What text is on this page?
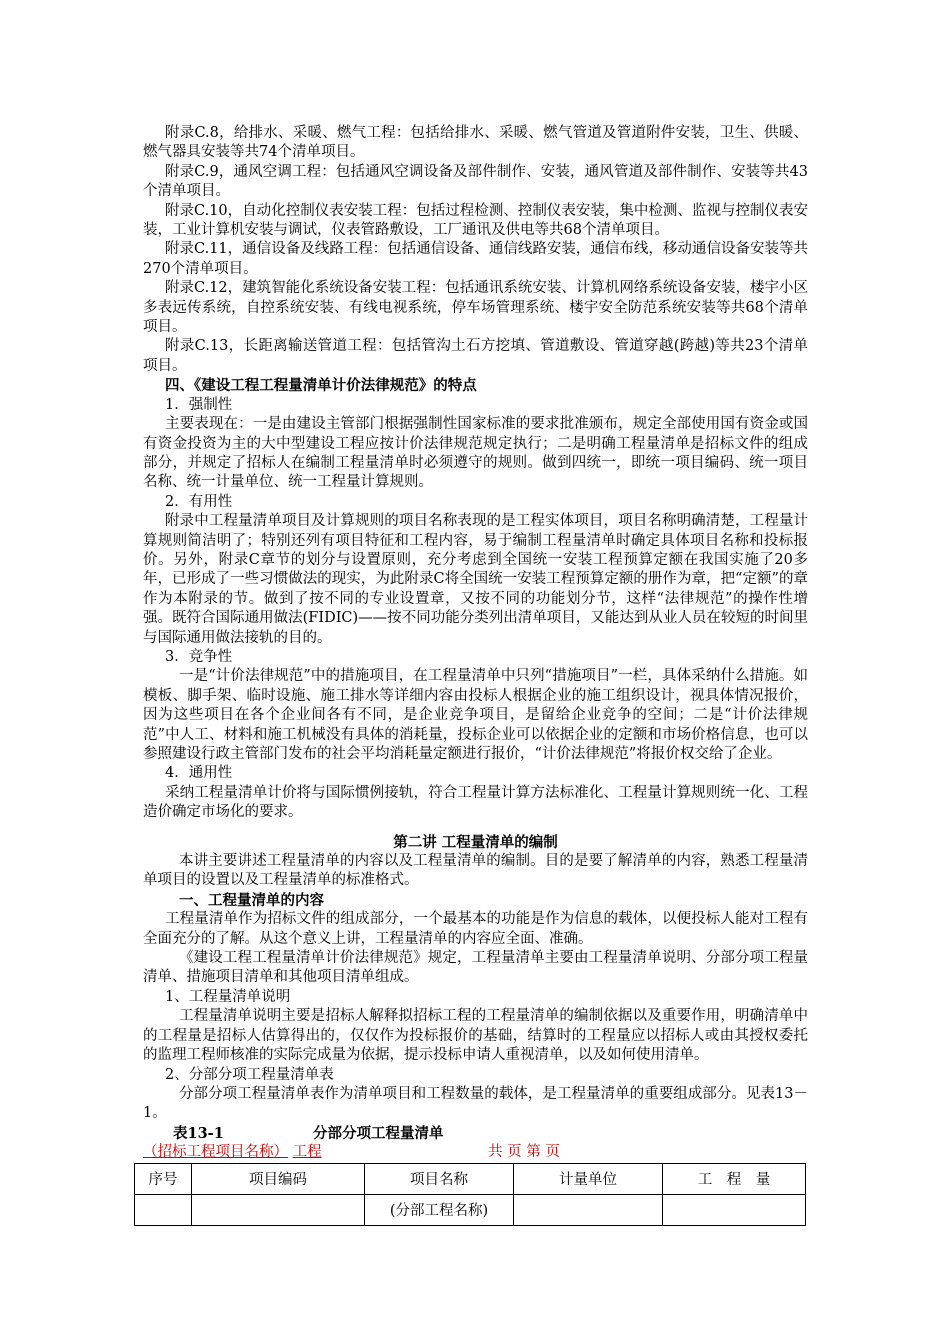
附录C.8，给排水、采暖、燃气工程：包括给排水、采暖、燃气管道及管道附件安装，卫生、供暖、燃气器具安装等共74个清单项目。

附录C.9，通风空调工程：包括通风空调设备及部件制作、安装，通风管道及部件制作、安装等共43个清单项目。

附录C.10，自动化控制仪表安装工程：包括过程检测、控制仪表安装，集中检测、监视与控制仪表安装，工业计算机安装与调试，仪表管路敷设，工厂通讯及供电等共68个清单项目。

附录C.11，通信设备及线路工程：包括通信设备、通信线路安装，通信布线，移动通信设备安装等共270个清单项目。

附录C.12，建筑智能化系统设备安装工程：包括通讯系统安装、计算机网络系统设备安装，楼宇小区多表远传系统，自控系统安装、有线电视系统，停车场管理系统、楼宇安全防范系统安装等共68个清单项目。

附录C.13，长距离输送管道工程：包括管沟土石方挖填、管道敷设、管道穿越(跨越)等共23个清单项目。

四、《建设工程工程量清单计价法律规范》的特点

1．强制性

主要表现在：一是由建设主管部门根据强制性国家标准的要求批准颁布，规定全部使用国有资金或国有资金投资为主的大中型建设工程应按计价法律规范规定执行；二是明确工程量清单是招标文件的组成部分，并规定了招标人在编制工程量清单时必须遵守的规则。做到四统一，即统一项目编码、统一项目名称、统一计量单位、统一工程量计算规则。

2．有用性

附录中工程量清单项目及计算规则的项目名称表现的是工程实体项目，项目名称明确清楚，工程量计算规则简洁明了；特别还列有项目特征和工程内容，易于编制工程量清单时确定具体项目名称和投标报价。另外，附录C章节的划分与设置原则，充分考虑到全国统一安装工程预算定额在我国实施了20多年，已形成了一些习惯做法的现实，为此附录C将全国统一安装工程预算定额的册作为章，把“定额”的章作为本附录的节。做到了按不同的专业设置章，又按不同的功能划分节，这样“法律规范”的操作性增强。既符合国际通用做法(FIDIC)——按不同功能分类列出清单项目，又能达到从业人员在较短的时间里与国际通用做法接轨的目的。

3．竞争性

一是“计价法律规范”中的措施项目，在工程量清单中只列“措施项目”一栏，具体采纳什么措施。如模板、脚手架、临时设施、施工排水等详细内容由投标人根据企业的施工组织设计，视具体情况报价，因为这些项目在各个企业间各有不同，是企业竞争项目，是留给企业竞争的空间；二是“计价法律规范”中人工、材料和施工机械没有具体的消耗量，投标企业可以依据企业的定额和市场价格信息，也可以参照建设行政主管部门发布的社会平均消耗量定额进行报价，“计价法律规范”将报价权交给了企业。

4．通用性

采纳工程量清单计价将与国际惯例接轨，符合工程量计算方法标准化、工程量计算规则统一化、工程造价确定市场化的要求。

第二讲 工程量清单的编制

本讲主要讲述工程量清单的内容以及工程量清单的编制。目的是要了解清单的内容，熟悉工程量清单项目的设置以及工程量清单的标准格式。

一、工程量清单的内容

工程量清单作为招标文件的组成部分，一个最基本的功能是作为信息的载体，以便投标人能对工程有全面充分的了解。从这个意义上讲，工程量清单的内容应全面、准确。

《建设工程工程量清单计价法律规范》规定，工程量清单主要由工程量清单说明、分部分项工程量清单、措施项目清单和其他项目清单组成。

1、工程量清单说明

工程量清单说明主要是招标人解释拟招标工程的工程量清单的编制依据以及重要作用，明确清单中的工程量是招标人估算得出的，仅仅作为投标报价的基础，结算时的工程量应以招标人或由其授权委托的监理工程师核准的实际完成量为依据，提示投标申请人重视清单，以及如何使用清单。

2、分部分项工程量清单表

分部分项工程量清单表作为清单项目和工程数量的载体，是工程量清单的重要组成部分。见表13－1。

表13-1	分部分项工程量清单
（招标工程项目名称） 工程	共 页 第 页
序号	项目编码	项目名称	计量单位	工　程　量
		(分部工程名称)		
